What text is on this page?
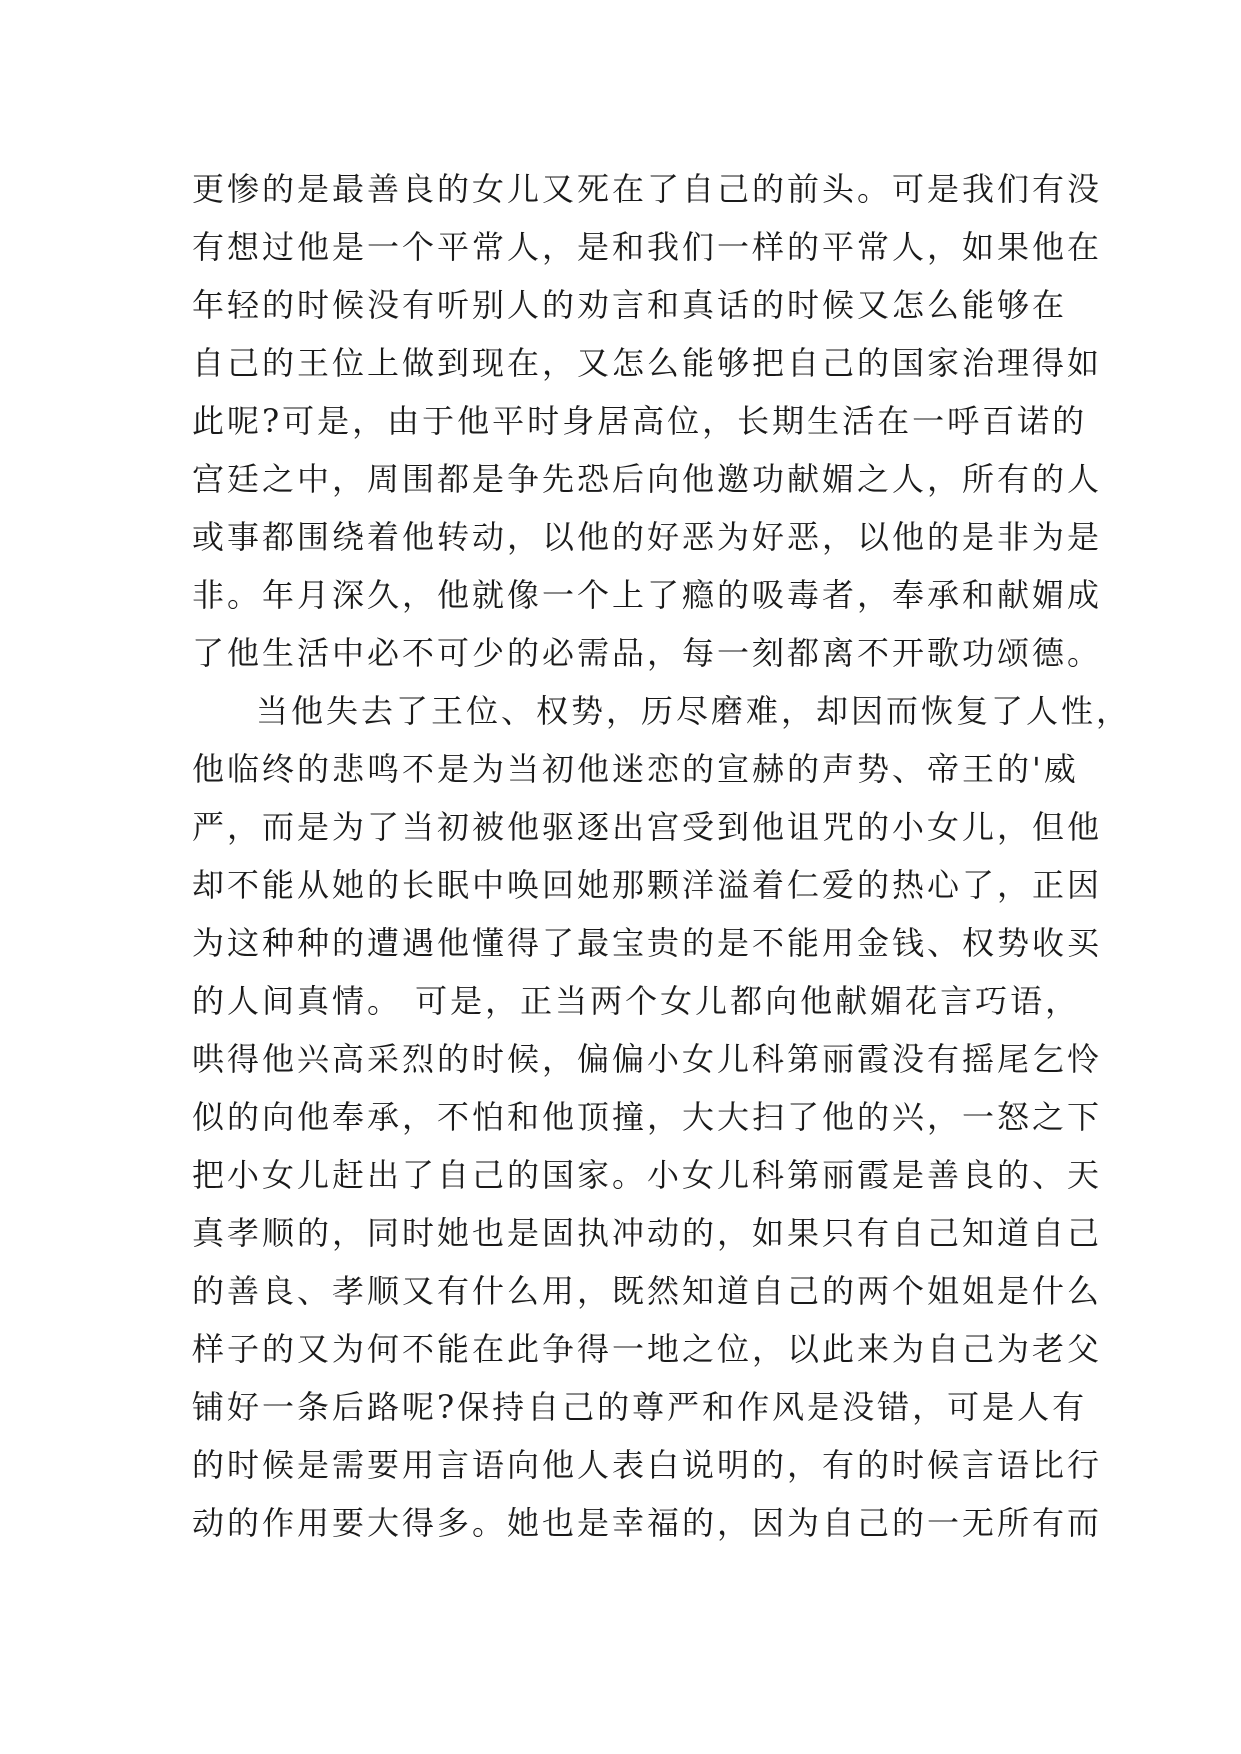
更惨的是最善良的女儿又死在了自己的前头。可是我们有没
有想过他是一个平常人，是和我们一样的平常人，如果他在
年轻的时候没有听别人的劝言和真话的时候又怎么能够在
自己的王位上做到现在，又怎么能够把自己的国家治理得如
此呢?可是，由于他平时身居高位，长期生活在一呼百诺的
宫廷之中，周围都是争先恐后向他邀功献媚之人，所有的人
或事都围绕着他转动，以他的好恶为好恶，以他的是非为是
非。年月深久，他就像一个上了瘾的吸毒者，奉承和献媚成
了他生活中必不可少的必需品，每一刻都离不开歌功颂德。
当他失去了王位、权势，历尽磨难，却因而恢复了人性，
他临终的悲鸣不是为当初他迷恋的宣赫的声势、帝王的'威
严，而是为了当初被他驱逐出宫受到他诅咒的小女儿，但他
却不能从她的长眠中唤回她那颗洋溢着仁爱的热心了，正因
为这种种的遭遇他懂得了最宝贵的是不能用金钱、权势收买
的人间真情。 可是，正当两个女儿都向他献媚花言巧语，
哄得他兴高采烈的时候，偏偏小女儿科第丽霞没有摇尾乞怜
似的向他奉承，不怕和他顶撞，大大扫了他的兴，一怒之下
把小女儿赶出了自己的国家。小女儿科第丽霞是善良的、天
真孝顺的，同时她也是固执冲动的，如果只有自己知道自己
的善良、孝顺又有什么用，既然知道自己的两个姐姐是什么
样子的又为何不能在此争得一地之位，以此来为自己为老父
铺好一条后路呢?保持自己的尊严和作风是没错，可是人有
的时候是需要用言语向他人表白说明的，有的时候言语比行
动的作用要大得多。她也是幸福的，因为自己的一无所有而
